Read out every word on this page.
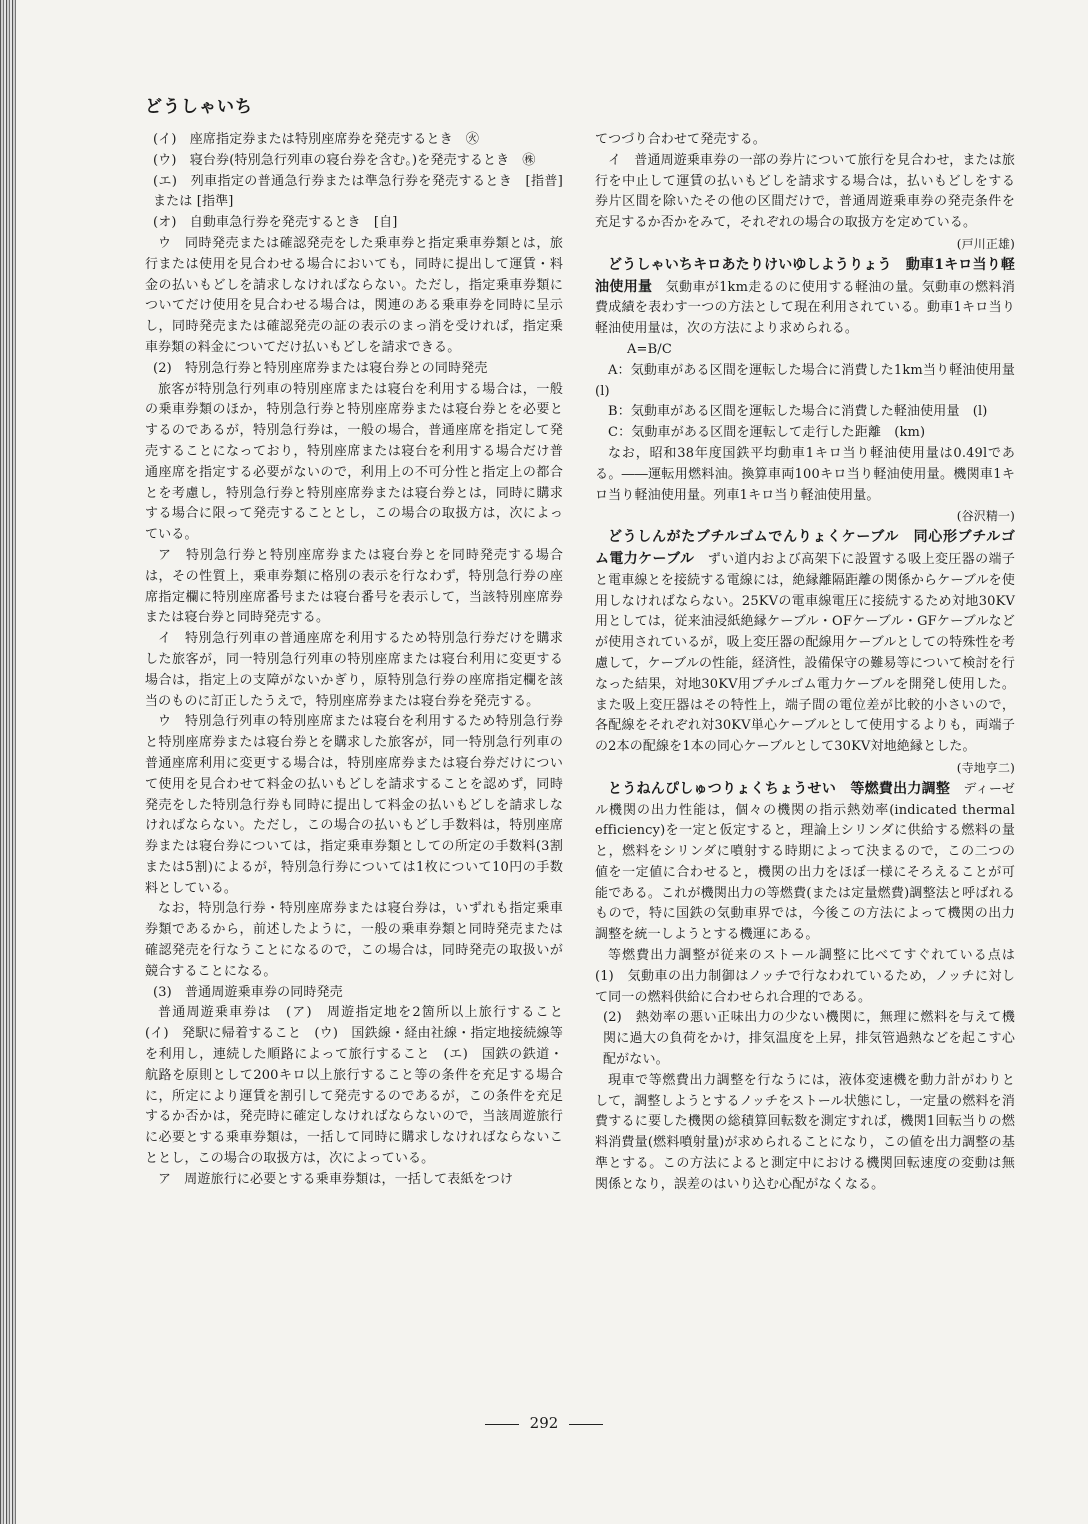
どうしゃいち

(イ)　座席指定券または特別座席券を発売するとき　㊋

(ウ)　寝台券(特別急行列車の寝台券を含む。)を発売するとき　㊑

(エ)　列車指定の普通急行券または準急行券を発売するとき　[指普] または [指準]

(オ)　自動車急行券を発売するとき　[自]

ウ　同時発売または確認発売をした乗車券と指定乗車券類とは，旅行または使用を見合わせる場合においても，同時に提出して運賃・料金の払いもどしを請求しなければならない。ただし，指定乗車券類についてだけ使用を見合わせる場合は，関連のある乗車券を同時に呈示し，同時発売または確認発売の証の表示のまっ消を受ければ，指定乗車券類の料金についてだけ払いもどしを請求できる。

(2)　特別急行券と特別座席券または寝台券との同時発売

旅客が特別急行列車の特別座席または寝台を利用する場合は，一般の乗車券類のほか，特別急行券と特別座席券または寝台券とを必要とするのであるが，特別急行券は，一般の場合，普通座席を指定して発売することになっており，特別座席または寝台を利用する場合だけ普通座席を指定する必要がないので，利用上の不可分性と指定上の都合とを考慮し，特別急行券と特別座席券または寝台券とは，同時に購求する場合に限って発売することとし，この場合の取扱方は，次によっている。

ア　特別急行券と特別座席券または寝台券とを同時発売する場合は，その性質上，乗車券類に格別の表示を行なわず，特別急行券の座席指定欄に特別座席番号または寝台番号を表示して，当該特別座席券または寝台券と同時発売する。

イ　特別急行列車の普通座席を利用するため特別急行券だけを購求した旅客が，同一特別急行列車の特別座席または寝台利用に変更する場合は，指定上の支障がないかぎり，原特別急行券の座席指定欄を該当のものに訂正したうえで，特別座席券または寝台券を発売する。

ウ　特別急行列車の特別座席または寝台を利用するため特別急行券と特別座席券または寝台券とを購求した旅客が，同一特別急行列車の普通座席利用に変更する場合は，特別座席券または寝台券だけについて使用を見合わせて料金の払いもどしを請求することを認めず，同時発売をした特別急行券も同時に提出して料金の払いもどしを請求しなければならない。ただし，この場合の払いもどし手数料は，特別座席券または寝台券については，指定乗車券類としての所定の手数料(3割または5割)によるが，特別急行券については1枚について10円の手数料としている。

なお，特別急行券・特別座席券または寝台券は，いずれも指定乗車券類であるから，前述したように，一般の乗車券類と同時発売または確認発売を行なうことになるので，この場合は，同時発売の取扱いが競合することになる。

(3)　普通周遊乗車券の同時発売

普通周遊乗車券は　(ア)　周遊指定地を2箇所以上旅行すること　(イ)　発駅に帰着すること　(ウ)　国鉄線・経由社線・指定地接続線等を利用し，連続した順路によって旅行すること　(エ)　国鉄の鉄道・航路を原則として200キロ以上旅行すること等の条件を充足する場合に，所定により運賃を割引して発売するのであるが，この条件を充足するか否かは，発売時に確定しなければならないので，当該周遊旅行に必要とする乗車券類は，一括して同時に購求しなければならないこととし，この場合の取扱方は，次によっている。

ア　周遊旅行に必要とする乗車券類は，一括して表紙をつけ

てつづり合わせて発売する。

イ　普通周遊乗車券の一部の券片について旅行を見合わせ，または旅行を中止して運賃の払いもどしを請求する場合は，払いもどしをする券片区間を除いたその他の区間だけで，普通周遊乗車券の発売条件を充足するか否かをみて，それぞれの場合の取扱方を定めている。
(戸川正雄)

どうしゃいちキロあたりけいゆしようりょう　動車1キロ当り軽油使用量　 気動車が1km走るのに使用する軽油の量。気動車の燃料消費成績を表わす一つの方法として現在利用されている。動車1キロ当り軽油使用量は，次の方法により求められる。

A=B/C

A：気動車がある区間を運転した場合に消費した1km当り軽油使用量　(l)

B：気動車がある区間を運転した場合に消費した軽油使用量　(l)

C：気動車がある区間を運転して走行した距離　(km)

なお，昭和38年度国鉄平均動車1キロ当り軽油使用量は0.49lである。――運転用燃料油。換算車両100キロ当り軽油使用量。機関車1キロ当り軽油使用量。列車1キロ当り軽油使用量。
(谷沢精一)

どうしんがたブチルゴムでんりょくケーブル　同心形ブチルゴム電力ケーブル　 ずい道内および高架下に設置する吸上変圧器の端子と電車線とを接続する電線には，絶縁離隔距離の関係からケーブルを使用しなければならない。25KVの電車線電圧に接続するため対地30KV用としては，従来油浸紙絶縁ケーブル・OFケーブル・GFケーブルなどが使用されているが，吸上変圧器の配線用ケーブルとしての特殊性を考慮して，ケーブルの性能，経済性，設備保守の難易等について検討を行なった結果，対地30KV用ブチルゴム電力ケーブルを開発し使用した。また吸上変圧器はその特性上，端子間の電位差が比較的小さいので，各配線をそれぞれ対30KV単心ケーブルとして使用するよりも，両端子の2本の配線を1本の同心ケーブルとして30KV対地絶縁とした。
(寺地亨二)

とうねんぴしゅつりょくちょうせい　等燃費出力調整　 ディーゼル機関の出力性能は，個々の機関の指示熱効率(indicated thermal efficiency)を一定と仮定すると，理論上シリンダに供給する燃料の量と，燃料をシリンダに噴射する時期によって決まるので，この二つの値を一定値に合わせると，機関の出力をほぼ一様にそろえることが可能である。これが機関出力の等燃費(または定量燃費)調整法と呼ばれるもので，特に国鉄の気動車界では，今後この方法によって機関の出力調整を統一しようとする機運にある。

等燃費出力調整が従来のストール調整に比べてすぐれている点は　(1)　気動車の出力制御はノッチで行なわれているため，ノッチに対して同一の燃料供給に合わせられ合理的である。

(2)　熱効率の悪い正味出力の少ない機関に，無理に燃料を与えて機関に過大の負荷をかけ，排気温度を上昇，排気管過熱などを起こす心配がない。

現車で等燃費出力調整を行なうには，液体変速機を動力計がわりとして，調整しようとするノッチをストール状態にし，一定量の燃料を消費するに要した機関の総積算回転数を測定すれば，機関1回転当りの燃料消費量(燃料噴射量)が求められることになり，この値を出力調整の基準とする。この方法によると測定中における機関回転速度の変動は無関係となり，誤差のはいり込む心配がなくなる。

292
